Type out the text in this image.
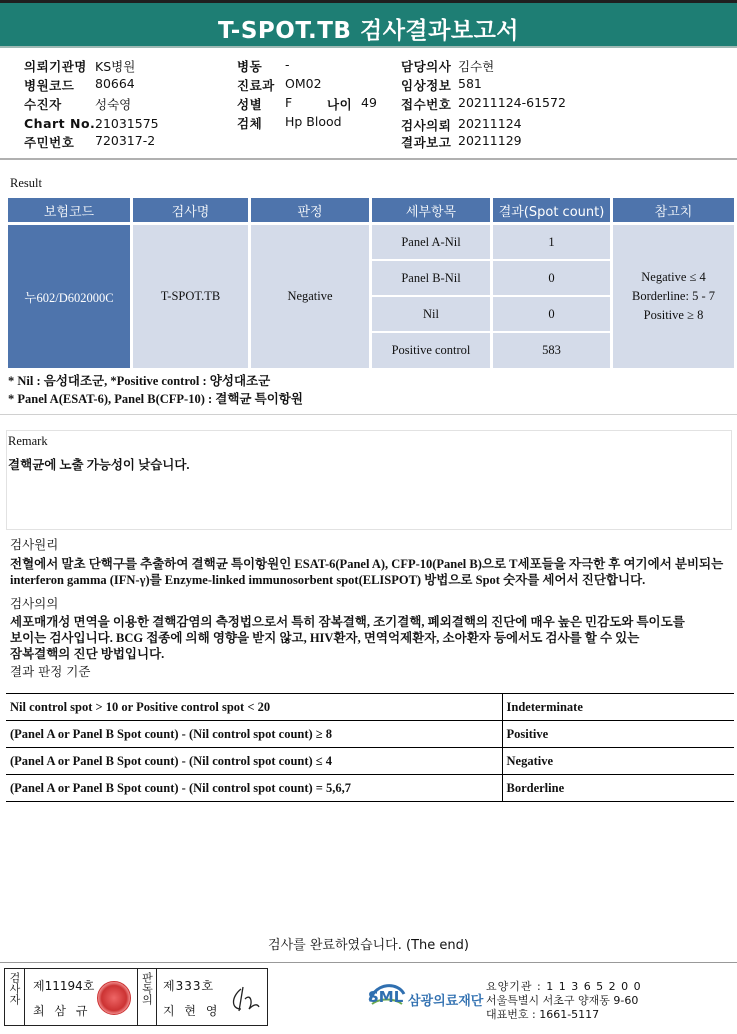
T-SPOT.TB 검사결과보고서
의뢰기관명 KS병원
병원코드 80664
수진자	성숙영
Chart No. 21031575
주민번호 720317-2
병동 -
진료과 OM02
성별 F	나이 49
검체 Hp Blood
담당의사 김수현
임상정보 581
접수번호 20211124-61572
검사의뢰 20211124
결과보고 20211129
Result
보험코드	검사명	판정	세부항목	결과(Spot count)	참고치
누602/D602000C	T-SPOT.TB	Negative
Panel A-Nil	1
Panel B-Nil	0
Nil	0
Positive control	583
Negative ≤ 4
Borderline: 5 - 7
Positive ≥ 8
* Nil : 음성대조군, *Positive control : 양성대조군
* Panel A(ESAT-6), Panel B(CFP-10) : 결핵균 특이항원
Remark
결핵균에 노출 가능성이 낮습니다.
검사원리
전혈에서 말초 단핵구를 추출하여 결핵균 특이항원인 ESAT-6(Panel A), CFP-10(Panel B)으로 T세포들을 자극한 후 여기에서 분비되는
interferon gamma (IFN-γ)를 Enzyme-linked immunosorbent spot(ELISPOT) 방법으로 Spot 숫자를 세어서 진단합니다.
검사의의
세포매개성 면역을 이용한 결핵감염의 측정법으로서 특히 잠복결핵, 조기결핵, 폐외결핵의 진단에 매우 높은 민감도와 특이도를
보이는 검사입니다. BCG 접종에 의해 영향을 받지 않고, HIV환자, 면역억제환자, 소아환자 등에서도 검사를 할 수 있는
잠복결핵의 진단 방법입니다.
결과 판정 기준
Nil control spot > 10 or Positive control spot < 20	Indeterminate
(Panel A or Panel B Spot count) - (Nil control spot count) ≥ 8	Positive
(Panel A or Panel B Spot count) - (Nil control spot count) ≤ 4	Negative
(Panel A or Panel B Spot count) - (Nil control spot count) = 5,6,7	Borderline
검사를 완료하였습니다. (The end)
검사자	제11194호
최 삼 규
판독의 제333호
지 현 영
SML 삼광의료재단
요양기관 : 1 1 3 6 5 2 0 0
서울특별시 서초구 양재동 9-60
대표번호 : 1661-5117
